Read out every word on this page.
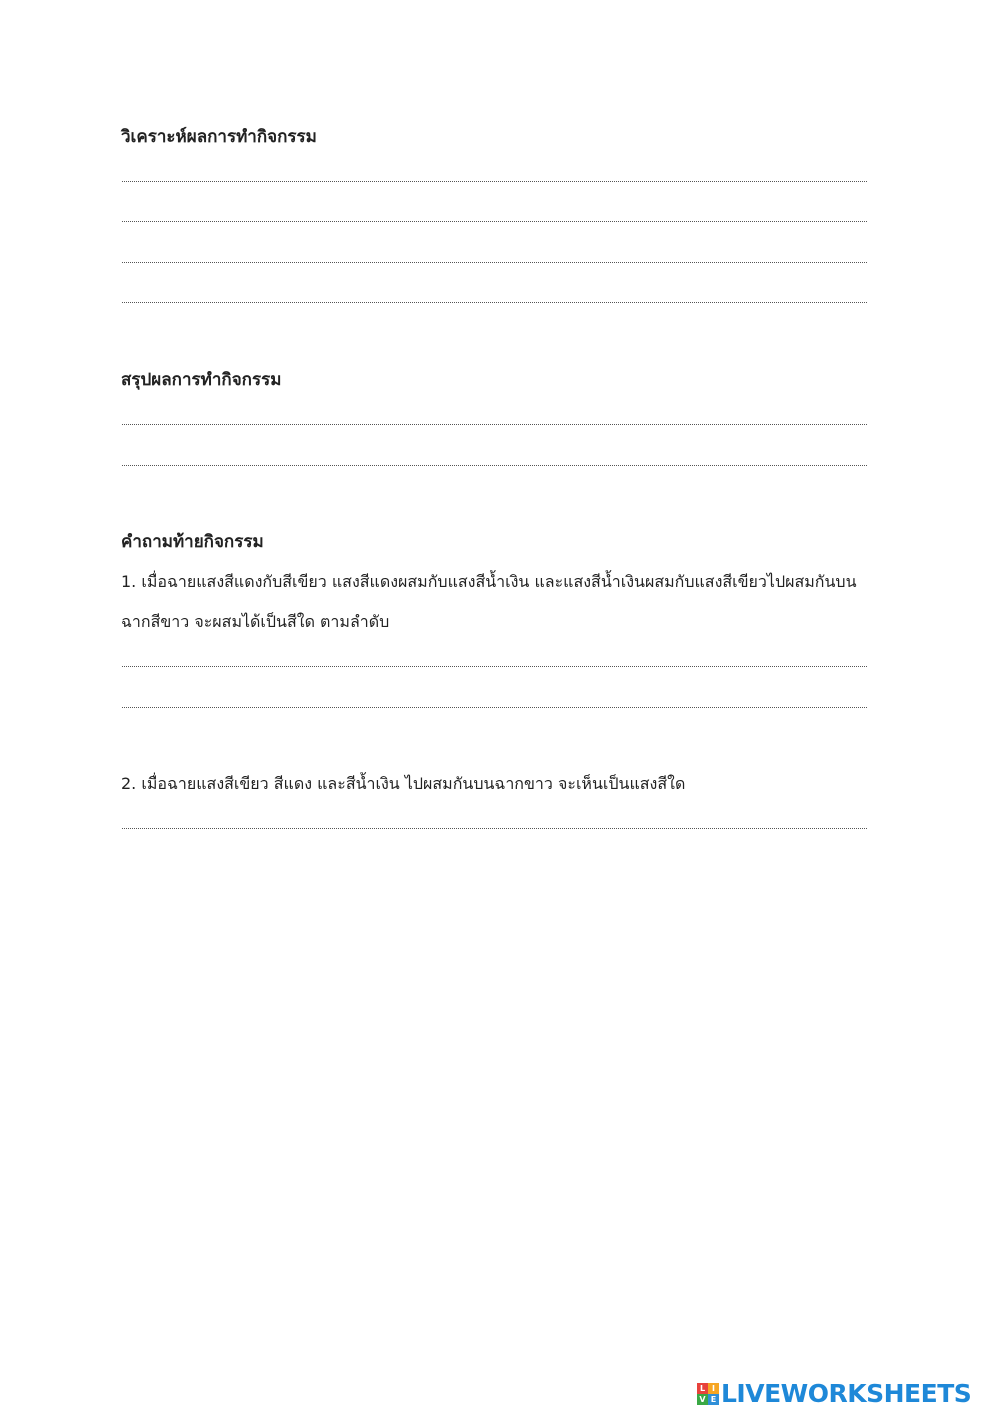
วิเคราะห์ผลการทำกิจกรรม
สรุปผลการทำกิจกรรม
คำถามท้ายกิจกรรม
1. เมื่อฉายแสงสีแดงกับสีเขียว แสงสีแดงผสมกับแสงสีน้ำเงิน และแสงสีน้ำเงินผสมกับแสงสีเขียวไปผสมกันบน
ฉากสีขาว จะผสมได้เป็นสีใด ตามลำดับ
2. เมื่อฉายแสงสีเขียว สีแดง และสีน้ำเงิน ไปผสมกันบนฉากขาว จะเห็นเป็นแสงสีใด
L I
V E LIVEWORKSHEETS
